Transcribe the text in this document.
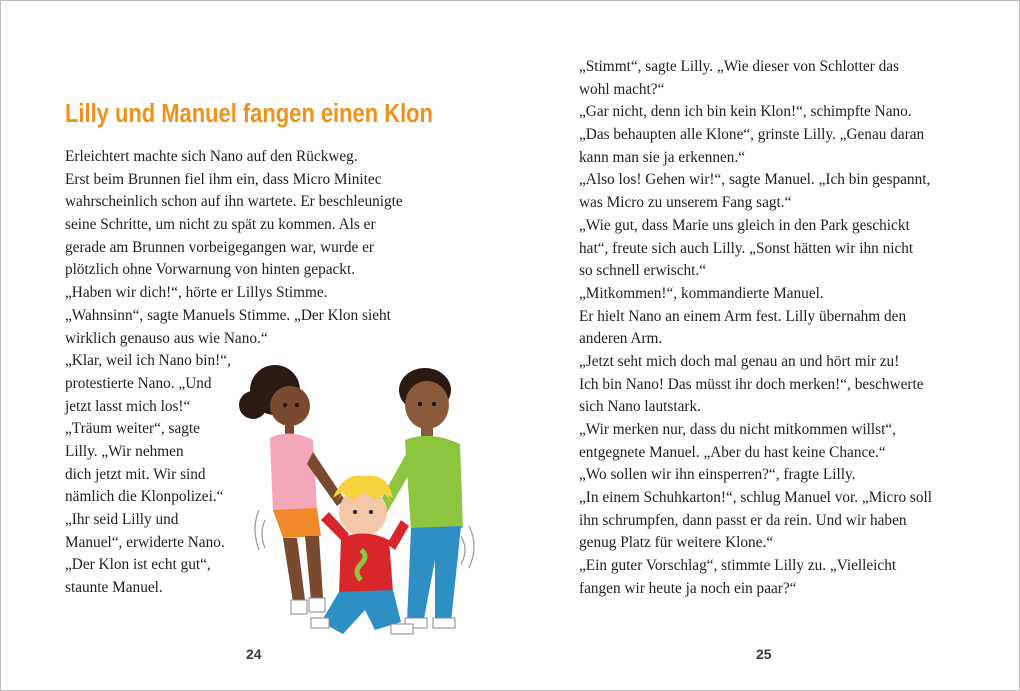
Lilly und Manuel fangen einen Klon
Erleichtert machte sich Nano auf den Rückweg.
Erst beim Brunnen fiel ihm ein, dass Micro Minitec
wahrscheinlich schon auf ihn wartete. Er beschleunigte
seine Schritte, um nicht zu spät zu kommen. Als er
gerade am Brunnen vorbeigegangen war, wurde er
plötzlich ohne Vorwarnung von hinten gepackt.
„Haben wir dich!“, hörte er Lillys Stimme.
„Wahnsinn“, sagte Manuels Stimme. „Der Klon sieht
wirklich genauso aus wie Nano.“
„Klar, weil ich Nano bin!“,
protestierte Nano. „Und
jetzt lasst mich los!“
„Träum weiter“, sagte
Lilly. „Wir nehmen
dich jetzt mit. Wir sind
nämlich die Klonpolizei.“
„Ihr seid Lilly und
Manuel“, erwiderte Nano.
„Der Klon ist echt gut“,
staunte Manuel.
24
„Stimmt“, sagte Lilly. „Wie dieser von Schlotter das
wohl macht?“
„Gar nicht, denn ich bin kein Klon!“, schimpfte Nano.
„Das behaupten alle Klone“, grinste Lilly. „Genau daran
kann man sie ja erkennen.“
„Also los! Gehen wir!“, sagte Manuel. „Ich bin gespannt,
was Micro zu unserem Fang sagt.“
„Wie gut, dass Marie uns gleich in den Park geschickt
hat“, freute sich auch Lilly. „Sonst hätten wir ihn nicht
so schnell erwischt.“
„Mitkommen!“, kommandierte Manuel.
Er hielt Nano an einem Arm fest. Lilly übernahm den
anderen Arm.
„Jetzt seht mich doch mal genau an und hört mir zu!
Ich bin Nano! Das müsst ihr doch merken!“, beschwerte
sich Nano lautstark.
„Wir merken nur, dass du nicht mitkommen willst“,
entgegnete Manuel. „Aber du hast keine Chance.“
„Wo sollen wir ihn einsperren?“, fragte Lilly.
„In einem Schuhkarton!“, schlug Manuel vor. „Micro soll
ihn schrumpfen, dann passt er da rein. Und wir haben
genug Platz für weitere Klone.“
„Ein guter Vorschlag“, stimmte Lilly zu. „Vielleicht
fangen wir heute ja noch ein paar?“
25
